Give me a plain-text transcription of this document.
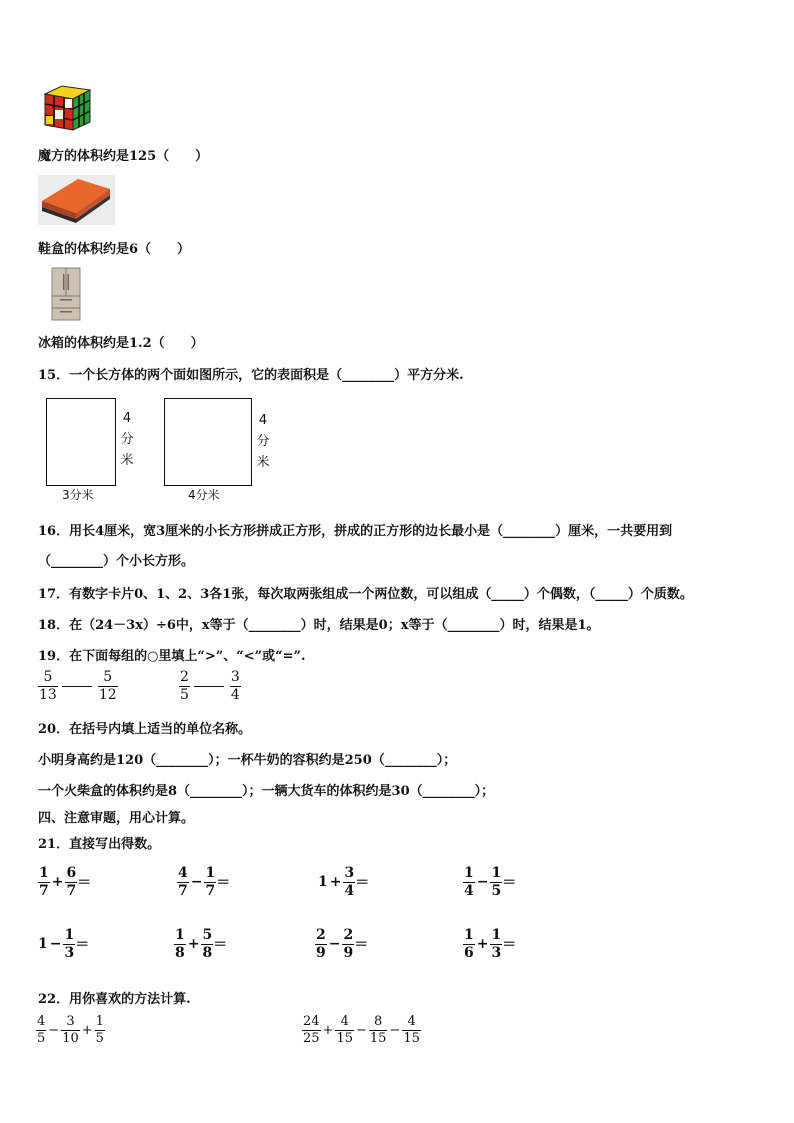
魔方的体积约是125（　　）
鞋盒的体积约是6（　　）
冰箱的体积约是1.2（　　）
15．一个长方体的两个面如图所示，它的表面积是（________）平方分米.
4
分
米
3分米
4
分
米
4分米
16．用长4厘米，宽3厘米的小长方形拼成正方形，拼成的正方形的边长最小是（________）厘米，一共要用到
（________）个小长方形。
17．有数字卡片0、1、2、3各1张，每次取两张组成一个两位数，可以组成（_____）个偶数，（_____）个质数。
18．在（24－3x）÷6中，x等于（________）时，结果是0；x等于（________）时，结果是1。
19．在下面每组的○里填上“>”、“<”或“=”.
$\frac{5}{13}$	$\frac{5}{12}$	$\frac{2}{5}$	$\frac{3}{4}$
20．在括号内填上适当的单位名称。
小明身高约是120（________）；一杯牛奶的容积约是250（________）；
一个火柴盒的体积约是8（________）；一辆大货车的体积约是30（________）；
四、注意审题，用心计算。
21．直接写出得数。
$\frac{1}{7} + \frac{6}{7}$ ＝	$\frac{4}{7} - \frac{1}{7}$ ＝	$1 + \frac{3}{4}$ ＝	$\frac{1}{4} - \frac{1}{5}$ ＝
$1 - \frac{1}{3}$ ＝	$\frac{1}{8} + \frac{5}{8}$ ＝	$\frac{2}{9} - \frac{2}{9}$ ＝	$\frac{1}{6} + \frac{1}{3}$ ＝
22．用你喜欢的方法计算.
$\frac{4}{5} - \frac{3}{10} + \frac{1}{5}$	$\frac{24}{25} + \frac{4}{15} - \frac{8}{15} - \frac{4}{15}$
